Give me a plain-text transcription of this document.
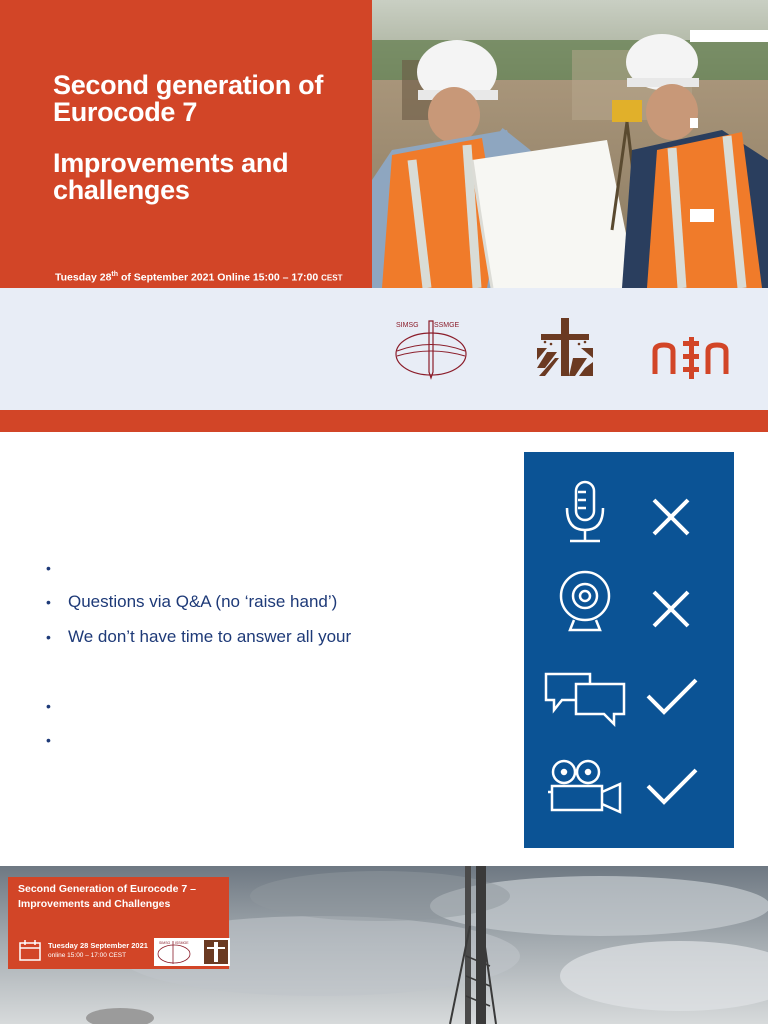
Second generation of
Eurocode 7
Improvements and
challenges
Tuesday 28th of September 2021 Online 15:00 – 17:00 CEST
SIMSG ISSMGE
•
• Questions via Q&A (no ‘raise hand’)
• We don’t have time to answer all your
•
•
Second Generation of Eurocode 7 –
Improvements and Challenges
Tuesday 28 September 2021
online 15:00 – 17:00 CEST
SIMSG ISSMGE
